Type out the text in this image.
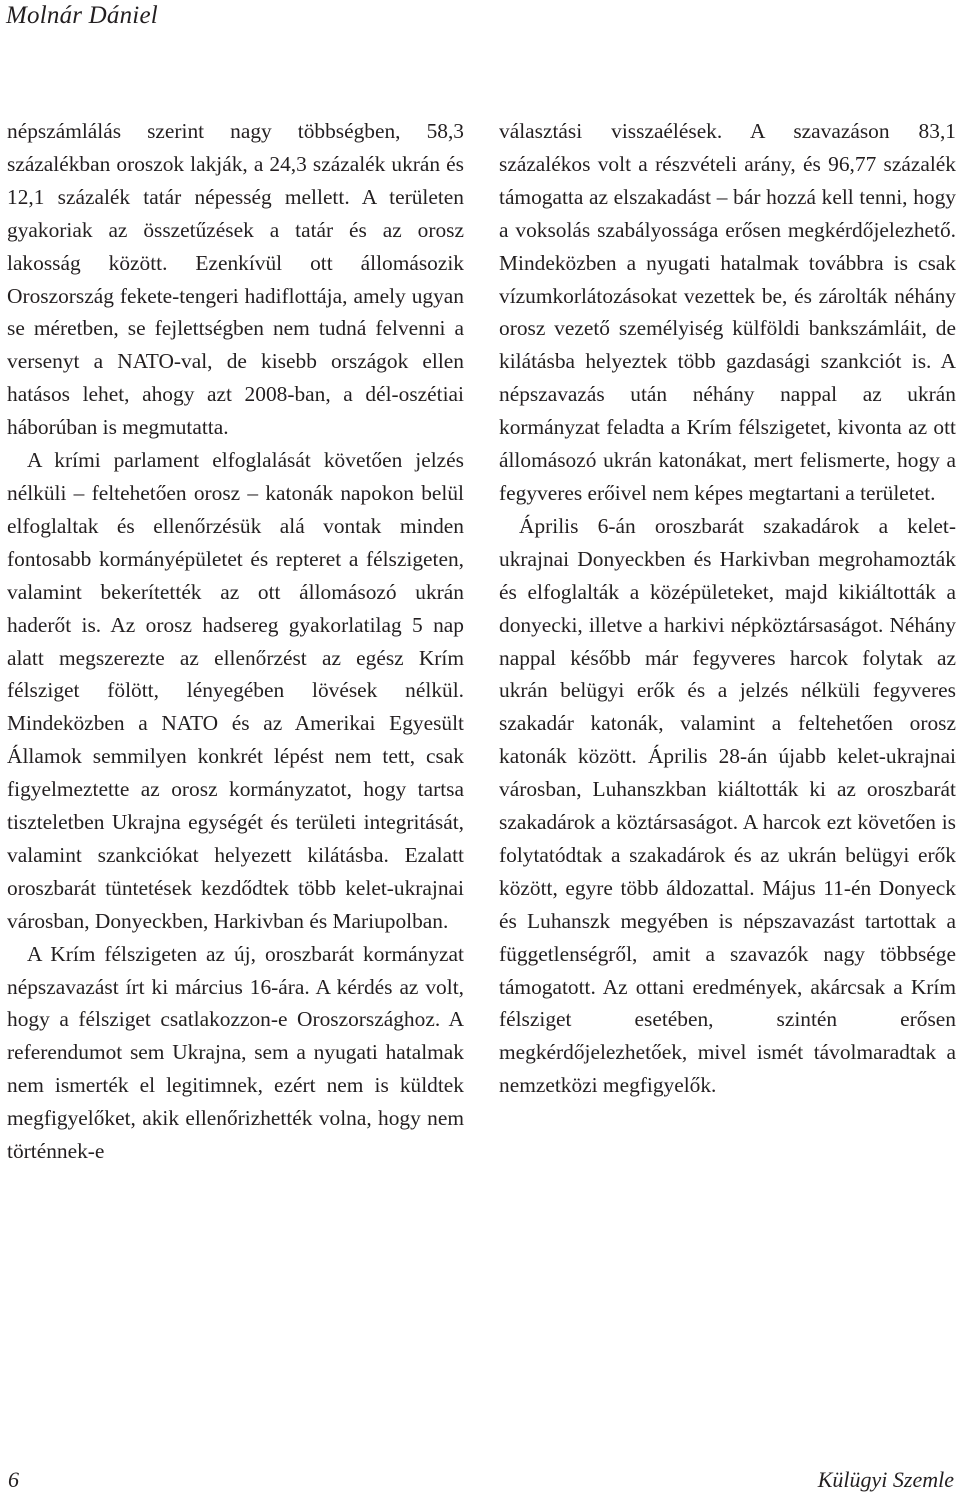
Molnár Dániel

népszámlálás szerint nagy többségben, 58,3 százalékban oroszok lakják, a 24,3 százalék ukrán és 12,1 százalék tatár népesség mellett. A területen gyakoriak az összetűzések a tatár és az orosz lakosság között. Ezenkívül ott állomásozik Oroszország fekete-tengeri hadiflottája, amely ugyan se méretben, se fejlettségben nem tudná felvenni a versenyt a NATO-val, de kisebb országok ellen hatásos lehet, ahogy azt 2008-ban, a dél-oszétiai háborúban is megmutatta.

A krími parlament elfoglalását követően jelzés nélküli – feltehetően orosz – katonák napokon belül elfoglaltak és ellenőrzésük alá vontak minden fontosabb kormányépületet és repteret a félszigeten, valamint bekerítették az ott állomásozó ukrán haderőt is. Az orosz hadsereg gyakorlatilag 5 nap alatt megszerezte az ellenőrzést az egész Krím félsziget fölött, lényegében lövések nélkül. Mindeközben a NATO és az Amerikai Egyesült Államok semmilyen konkrét lépést nem tett, csak figyelmeztette az orosz kormányzatot, hogy tartsa tiszteletben Ukrajna egységét és területi integritását, valamint szankciókat helyezett kilátásba. Ezalatt oroszbarát tüntetések kezdődtek több kelet-ukrajnai városban, Donyeckben, Harkivban és Mariupolban.

A Krím félszigeten az új, oroszbarát kormányzat népszavazást írt ki március 16-ára. A kérdés az volt, hogy a félsziget csatlakozzon-e Oroszországhoz. A referendumot sem Ukrajna, sem a nyugati hatalmak nem ismerték el legitimnek, ezért nem is küldtek megfigyelőket, akik ellenőrizhették volna, hogy nem történnek-e

választási visszaélések. A szavazáson 83,1 százalékos volt a részvételi arány, és 96,77 százalék támogatta az elszakadást – bár hozzá kell tenni, hogy a voksolás szabályossága erősen megkérdőjelezhető. Mindeközben a nyugati hatalmak továbbra is csak vízumkorlátozásokat vezettek be, és zárolták néhány orosz vezető személyiség külföldi bankszámláit, de kilátásba helyeztek több gazdasági szankciót is. A népszavazás után néhány nappal az ukrán kormányzat feladta a Krím félszigetet, kivonta az ott állomásozó ukrán katonákat, mert felismerte, hogy a fegyveres erőivel nem képes megtartani a területet.

Április 6-án oroszbarát szakadárok a kelet-ukrajnai Donyeckben és Harkivban megrohamozták és elfoglalták a középületeket, majd kikiáltották a donyecki, illetve a harkivi népköztársaságot. Néhány nappal később már fegyveres harcok folytak az ukrán belügyi erők és a jelzés nélküli fegyveres szakadár katonák, valamint a feltehetően orosz katonák között. Április 28-án újabb kelet-ukrajnai városban, Luhanszkban kiáltották ki az oroszbarát szakadárok a köztársaságot. A harcok ezt követően is folytatódtak a szakadárok és az ukrán belügyi erők között, egyre több áldozattal. Május 11-én Donyeck és Luhanszk megyében is népszavazást tartottak a függetlenségről, amit a szavazók nagy többsége támogatott. Az ottani eredmények, akárcsak a Krím félsziget esetében, szintén erősen megkérdőjelezhetőek, mivel ismét távolmaradtak a nemzetközi megfigyelők.

6	Külügyi Szemle
